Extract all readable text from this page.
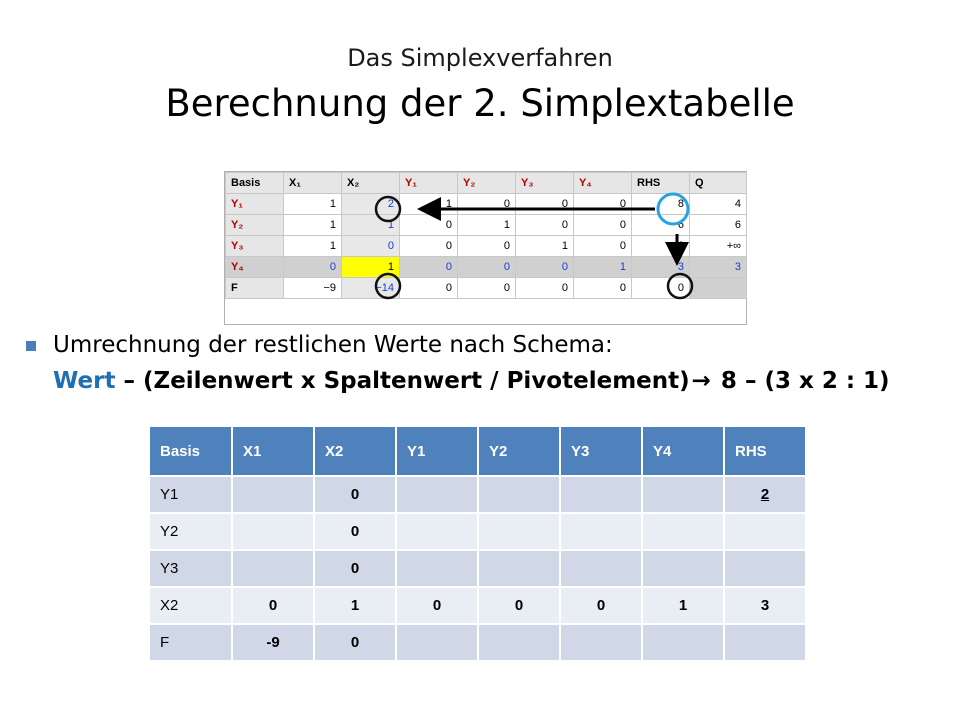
Das Simplexverfahren
Berechnung der 2. Simplextabelle
Basis	X₁	X₂	Y₁	Y₂	Y₃	Y₄	RHS	Q
Y₁	1	2	1	0	0	0	8	4
Y₂	1	1	0	1	0	0	6	6
Y₃	1	0	0	0	1	0	8	+∞
Y₄	0	1	0	0	0	1	3	3
F	−9	−14	0	0	0	0	0	
Umrechnung der restlichen Werte nach Schema:
Wert – (Zeilenwert x Spaltenwert / Pivotelement)→ 8 – (3 x 2 : 1)
Basis	X1	X2	Y1	Y2	Y3	Y4	RHS
Y1		0					2
Y2		0					
Y3		0					
X2	0	1	0	0	0	1	3
F	-9	0					
